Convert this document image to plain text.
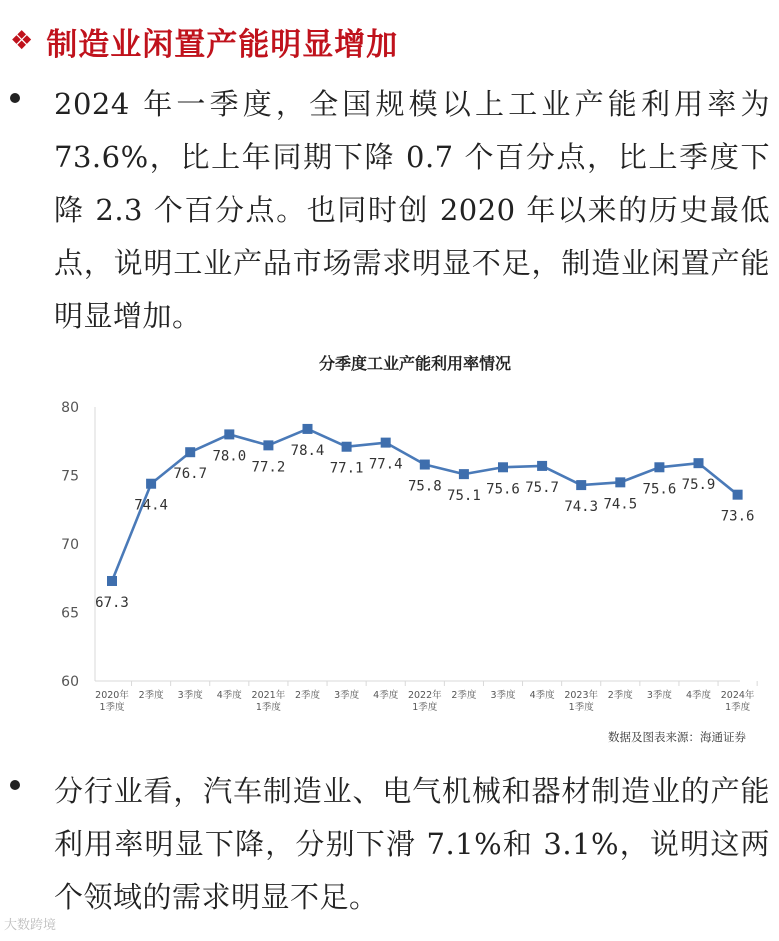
❖ 制造业闲置产能明显增加
2024 年一季度，全国规模以上工业产能利用率为73.6%，比上年同期下降 0.7 个百分点，比上季度下降 2.3 个百分点。也同时创 2020 年以来的历史最低点，说明工业产品市场需求明显不足，制造业闲置产能明显增加。
分季度工业产能利用率情况
60
65
70
75
80
2020年 1季度
2季度 3季度 4季度 2021年 1季度
2季度 3季度 4季度 2022年 1季度
2季度 3季度 4季度 2023年 1季度
2季度 3季度 4季度 2024年 1季度
67.3
74.4
76.7
78.0
77.2
78.4
77.1 77.4
75.8
75.1 75.6 75.7
74.3 74.5
75.6 75.9
73.6
数据及图表来源：海通证券
分行业看，汽车制造业、电气机械和器材制造业的产能利用率明显下降，分别下滑 7.1%和 3.1%，说明这两个领域的需求明显不足。
大数跨境
